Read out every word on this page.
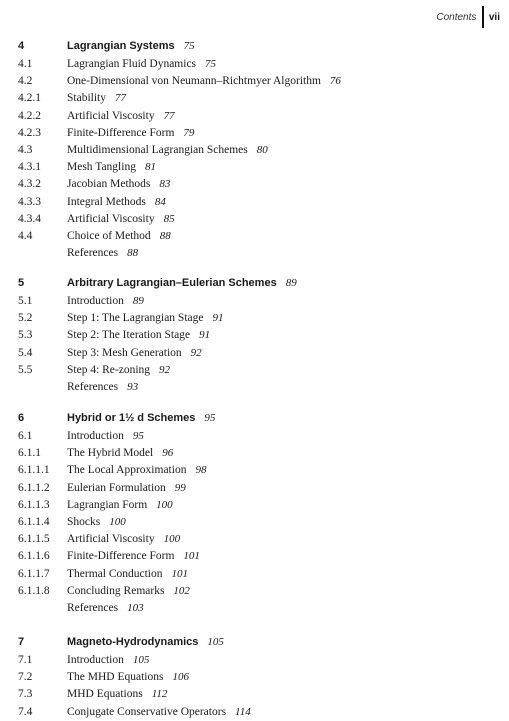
Contents	vii
4	Lagrangian Systems 75
4.1	Lagrangian Fluid Dynamics 75
4.2	One-Dimensional von Neumann–Richtmyer Algorithm 76
4.2.1 Stability 77
4.2.2 Artificial Viscosity 77
4.2.3 Finite-Difference Form 79
4.3	Multidimensional Lagrangian Schemes 80
4.3.1 Mesh Tangling 81
4.3.2 Jacobian Methods 83
4.3.3 Integral Methods 84
4.3.4 Artificial Viscosity 85
4.4	Choice of Method 88
References 88
5	Arbitrary Lagrangian–Eulerian Schemes 89
5.1	Introduction 89
5.2	Step 1: The Lagrangian Stage 91
5.3	Step 2: The Iteration Stage 91
5.4	Step 3: Mesh Generation 92
5.5	Step 4: Re-zoning 92
References 93
6	Hybrid or 1½ d Schemes 95
6.1	Introduction 95
6.1.1 The Hybrid Model 96
6.1.1.1 The Local Approximation 98
6.1.1.2 Eulerian Formulation 99
6.1.1.3 Lagrangian Form 100
6.1.1.4 Shocks 100
6.1.1.5 Artificial Viscosity 100
6.1.1.6 Finite-Difference Form 101
6.1.1.7 Thermal Conduction 101
6.1.1.8 Concluding Remarks 102
References 103
7	Magneto-Hydrodynamics 105
7.1	Introduction 105
7.2	The MHD Equations 106
7.3	MHD Equations 112
7.4	Conjugate Conservative Operators 114
